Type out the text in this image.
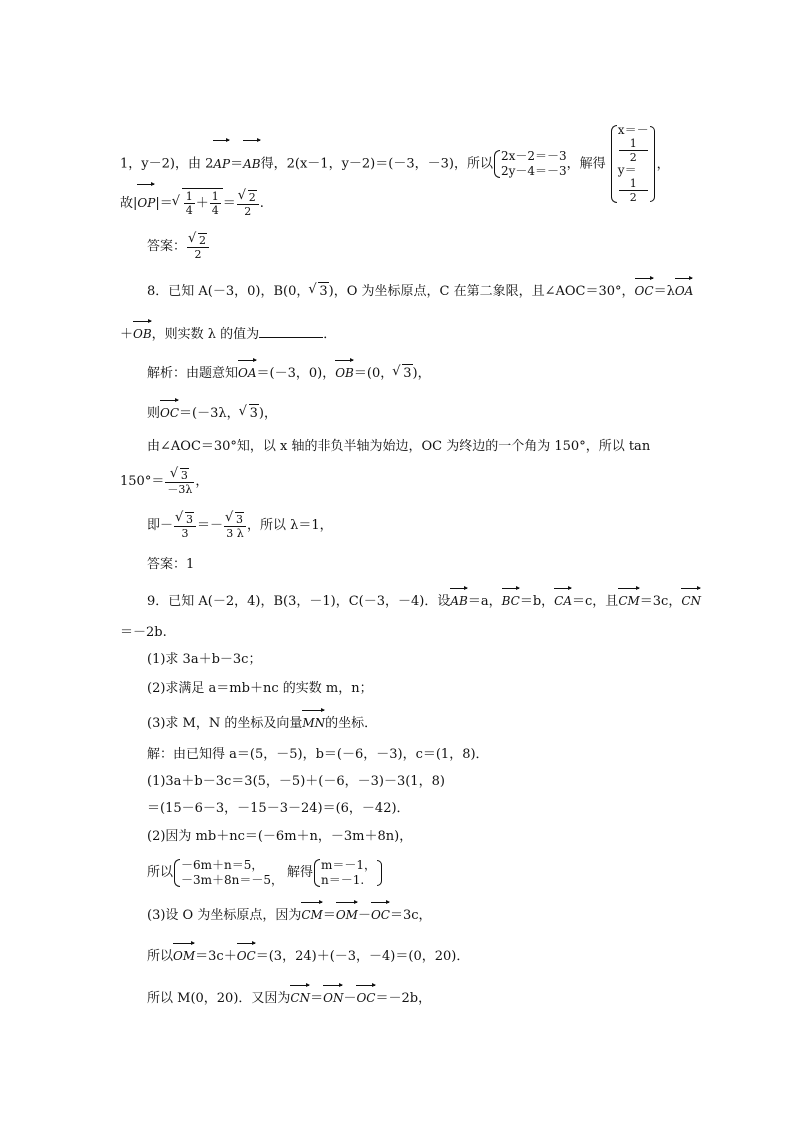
1，y－2)，由 2AP＝AB得，2(x－1，y－2)＝(－3，－3)，所以
2x－2＝－3
2y－4＝－3 ，解得
x＝－
1
2
y＝
1
2
，
故|OP|＝ √ $\frac{1}{4} + \frac{1}{4}$ ＝ √ $\frac{2}{2}$ .
答案： √ $\frac{2}{2}$
8．已知 A(－3，0)，B(0， √ 3)，O 为坐标原点，C 在第二象限，且∠AOC＝30°，OC＝λOA
＋OB，则实数 λ 的值为	．
解析：由题意知OA＝(－3，0)，OB＝(0， √ 3)，
则OC＝(－3λ， √ 3)，
由∠AOC＝30°知，以 x 轴的非负半轴为始边，OC 为终边的一个角为 150°，所以 tan
150°＝ √ $\frac{3}{-3\lambda}$ ，
即－ √ $\frac{3}{3}$ ＝－ √ $\frac{3}{3 \lambda}$ ，所以 λ＝1，
答案：1
9．已知 A(－2，4)，B(3，－1)，C(－3，－4)．设AB＝a，BC＝b，CA＝c，且CM＝3c，CN
＝－2b.
(1)求 3a＋b－3c；
(2)求满足 a＝mb＋nc 的实数 m，n；
(3)求 M，N 的坐标及向量MN的坐标．
解：由已知得 a＝(5，－5)，b＝(－6，－3)，c＝(1，8)．
(1)3a＋b－3c＝3(5，－5)＋(－6，－3)－3(1，8)
＝(15－6－3，－15－3－24)＝(6，－42)．
(2)因为 mb＋nc＝(－6m＋n，－3m＋8n)，
所以
－6m＋n＝5，
－3m＋8n＝－5， 解得
m＝－1，
n＝－1.
(3)设 O 为坐标原点，因为CM＝OM－OC＝3c，
所以OM＝3c＋OC＝(3，24)＋(－3，－4)＝(0，20)．
所以 M(0，20)．又因为CN＝ON－OC＝－2b，
